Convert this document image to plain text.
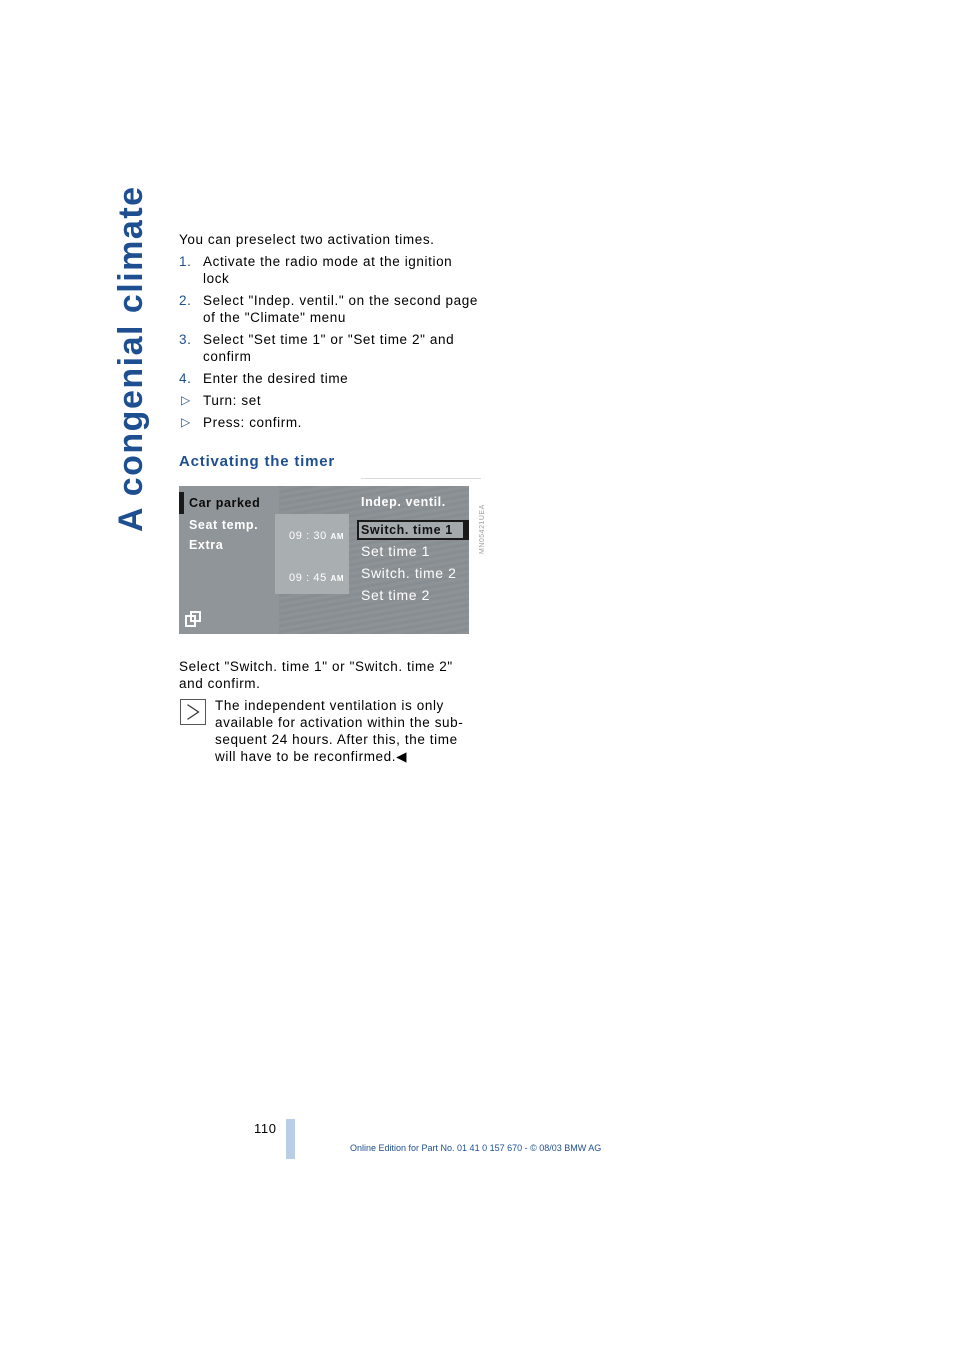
A congenial climate You can preselect two activation times.

1. Activate the radio mode at the ignition lock
2. Select "Indep. ventil." on the second page of the "Climate" menu
3. Select "Set time 1" or "Set time 2" and confirm
4. Enter the desired time
▷ Turn: set
▷ Press: confirm.
Activating the timer
Car parked
Seat temp.
Extra
09 : 30 AM
09 : 45 AM
Indep. ventil.
Switch. time 1
Set time 1
Switch. time 2
Set time 2
MN05421UEA

Select "Switch. time 1" or "Switch. time 2" and confirm.

The independent ventilation is only available for activation within the sub-sequent 24 hours. After this, the time will have to be reconfirmed.◀

110
Online Edition for Part No. 01 41 0 157 670 - © 08/03 BMW AG
